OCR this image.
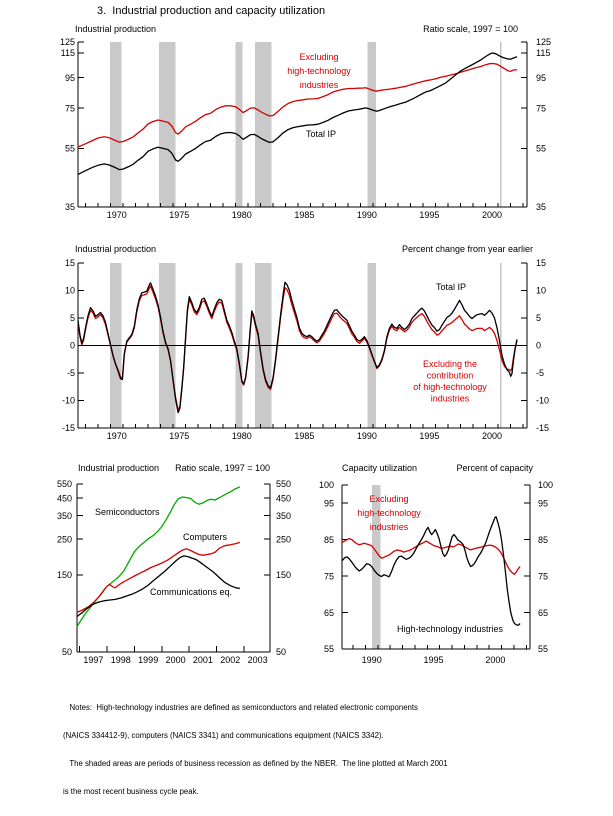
3.  Industrial production and capacity utilization
Industrial production	Ratio scale, 1997 = 100
Industrial production	Percent change from year earlier
Industrial production Ratio scale, 1997 = 100	Capacity utilization	Percent of capacity
125	125
115	115
95	95
75	75
55	55
35	35
1970	1975	1980	1985	1990	1995	2000
Excluding
high-technology
industries
Total IP
15	15
10	10
5	5
0	0
-5	-5
-10	-10
-15	-15
1970	1975	1980	1985	1990	1995	2000
Total IP
Excluding the
contribution
of high-technology
industries
550	550
450	450
350	350
250	250
150	150
50	50
1997 1998 1999 2000 2001 2002 2003
Semiconductors
Computers
Communications eq.
100	100
95	95
85	85
75	75
65	65
55	55
1990	1995	2000
Excluding
high-technology
industries
High-technology industries

Notes:  High-technology industries are defined as semiconductors and related electronic components

(NAICS 334412-9), computers (NAICS 3341) and communications equipment (NAICS 3342).

The shaded areas are periods of business recession as defined by the NBER.  The line plotted at March 2001

is the most recent business cycle peak.
